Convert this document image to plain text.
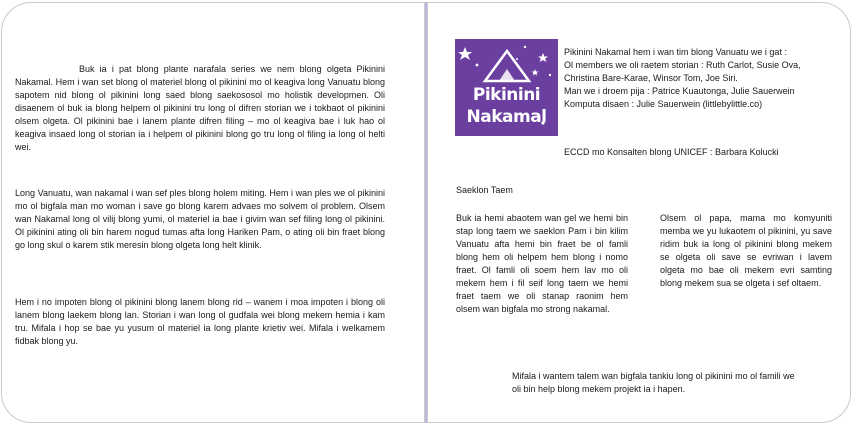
Buk ia i pat blong plante narafala series we nem blong olgeta Pikinini Nakamal. Hem i wan set blong ol materiel blong ol pikinini mo ol keagiva long Vanuatu blong sapotem nid blong ol pikinini long saed blong saekososol mo holistik developmen. Oli disaenem ol buk ia blong helpem ol pikinini tru long ol difren storian we i tokbaot ol pikinini olsem olgeta. Ol pikinini bae i lanem plante difren filing – mo ol keagiva bae i luk hao ol keagiva insaed long ol storian ia i helpem ol pikinini blong go tru long ol filing ia long ol helti wei.

Long Vanuatu, wan nakamal i wan sef ples blong holem miting. Hem i wan ples we ol pikinini mo ol bigfala man mo woman i save go blong karem advaes mo solvem ol problem. Olsem wan Nakamal long ol vilij blong yumi, ol materiel ia bae i givim wan sef filing long ol pikinini. Ol pikinini ating oli bin harem nogud tumas afta long Hariken Pam, o ating oli bin fraet blong go long skul o karem stik meresin blong olgeta long helt klinik.

Hem i no impoten blong ol pikinini blong lanem blong rid – wanem i moa impoten i blong oli lanem blong laekem blong lan. Storian i wan long ol gudfala wei blong mekem hemia i kam tru. Mifala i hop se bae yu yusum ol materiel ia long plante krietiv wei. Mifala i welkamem fidbak blong yu.

Pikinini
Nakamal
Pikinini Nakamal hem i wan tim blong Vanuatu we i gat :
Ol members we oli raetem storian : Ruth Carlot, Susie Ova, Christina Bare-Karae, Winsor Tom, Joe Siri.
Man we i droem pija : Patrice Kuautonga, Julie Sauerwein
Komputa disaen : Julie Sauerwein (littlebylittle.co)

ECCD mo Konsalten blong UNICEF : Barbara Kolucki

Saeklon Taem

Buk ia hemi abaotem wan gel we hemi bin stap long taem we saeklon Pam i bin kilim Vanuatu afta hemi bin fraet be ol famli blong hem oli helpem hem blong i nomo fraet. Ol famli oli soem hem lav mo oli mekem hem i fil seif long taem we hemi fraet taem we oli stanap raonim hem olsem wan bigfala mo strong nakamal.

Olsem ol papa, mama mo komyuniti memba we yu lukaotem ol pikinini, yu save ridim buk ia long ol pikinini blong mekem se olgeta oli save se evriwan i lavem olgeta mo bae oli mekem evri samting blong mekem sua se olgeta i sef oltaem.

Mifala i wantem talem wan bigfala tankiu long ol pikinini mo ol famili we oli bin help blong mekem projekt ia i hapen.
